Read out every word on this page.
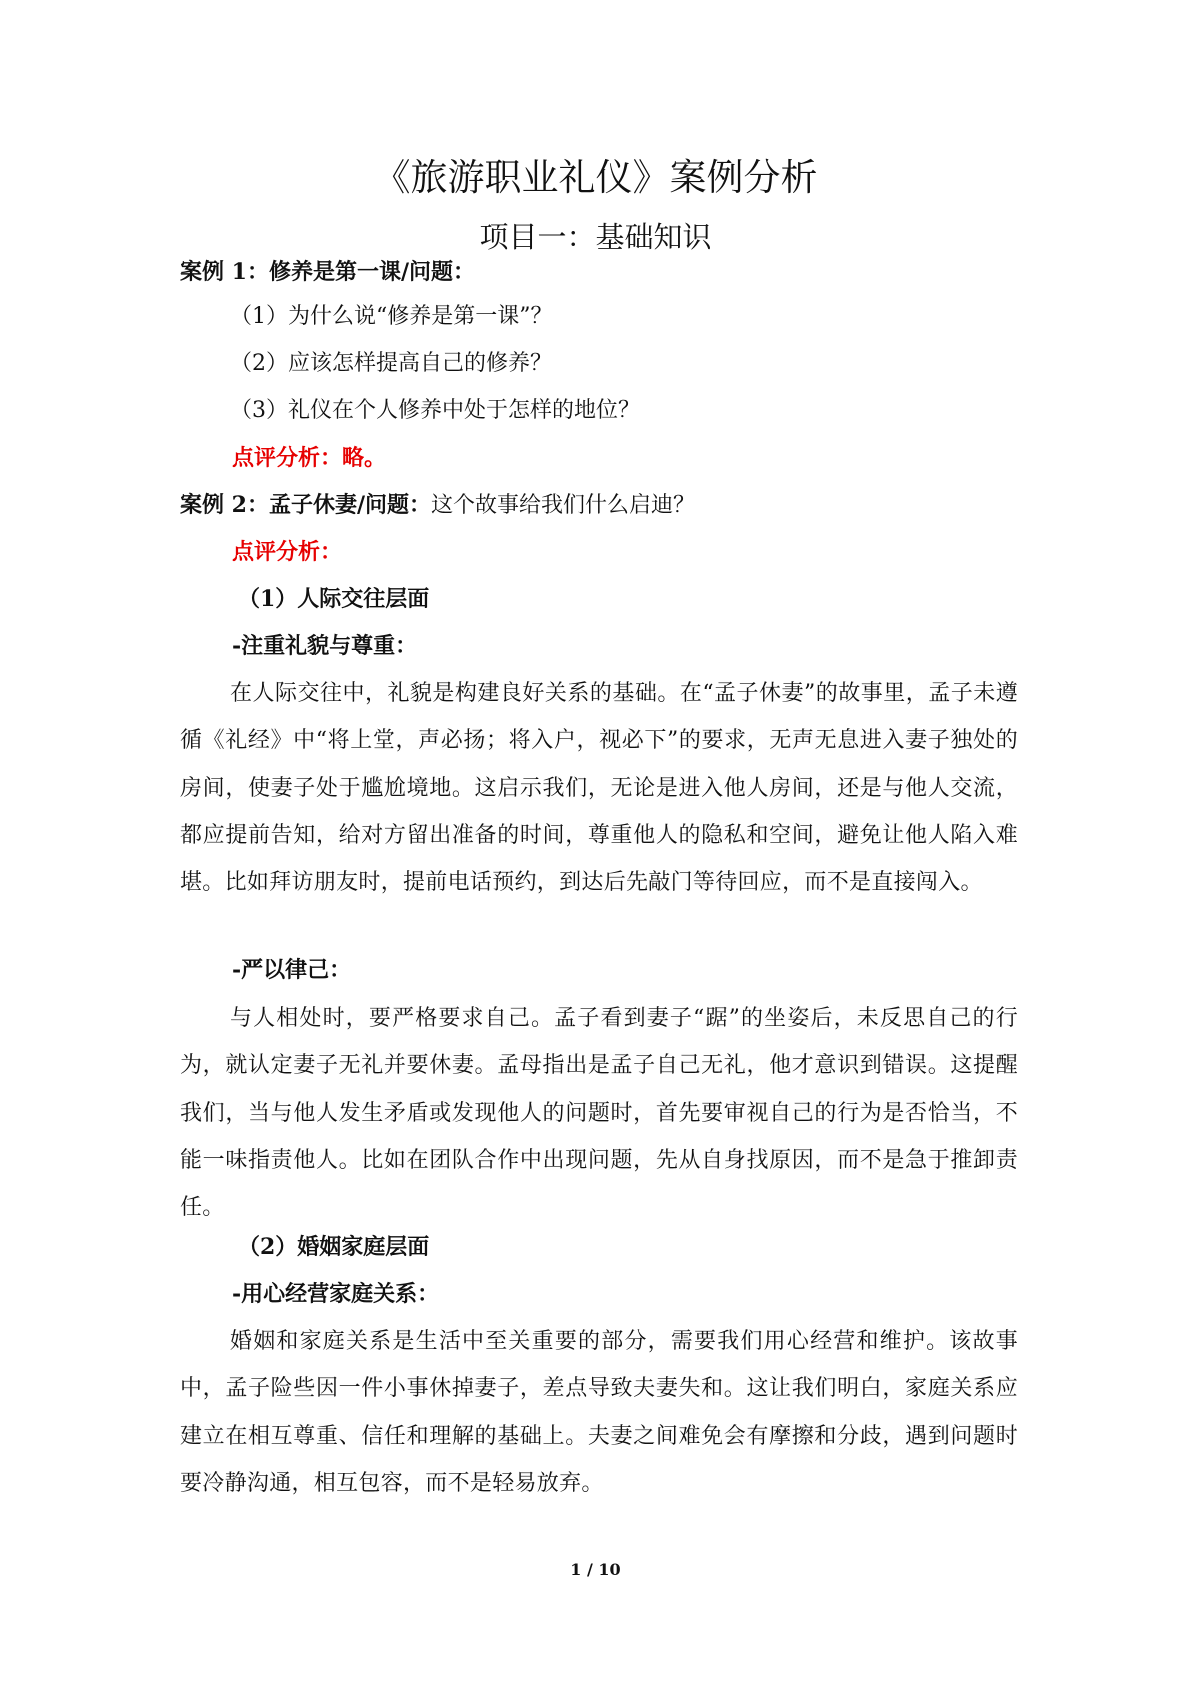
《旅游职业礼仪》案例分析
项目一：基础知识
案例 1：修养是第一课/问题：
（1）为什么说“修养是第一课”？
（2）应该怎样提高自己的修养？
（3）礼仪在个人修养中处于怎样的地位？
点评分析：略。
案例 2：孟子休妻/问题：这个故事给我们什么启迪？
点评分析：
（1）人际交往层面
-注重礼貌与尊重：
在人际交往中，礼貌是构建良好关系的基础。在“孟子休妻”的故事里，孟子未遵循《礼经》中“将上堂，声必扬；将入户，视必下”的要求，无声无息进入妻子独处的房间，使妻子处于尴尬境地。这启示我们，无论是进入他人房间，还是与他人交流，都应提前告知，给对方留出准备的时间，尊重他人的隐私和空间，避免让他人陷入难堪。比如拜访朋友时，提前电话预约，到达后先敲门等待回应，而不是直接闯入。
-严以律己：
与人相处时，要严格要求自己。孟子看到妻子“踞”的坐姿后，未反思自己的行为，就认定妻子无礼并要休妻。孟母指出是孟子自己无礼，他才意识到错误。这提醒我们，当与他人发生矛盾或发现他人的问题时，首先要审视自己的行为是否恰当，不能一味指责他人。比如在团队合作中出现问题，先从自身找原因，而不是急于推卸责任。
（2）婚姻家庭层面
-用心经营家庭关系：
婚姻和家庭关系是生活中至关重要的部分，需要我们用心经营和维护。该故事中，孟子险些因一件小事休掉妻子，差点导致夫妻失和。这让我们明白，家庭关系应建立在相互尊重、信任和理解的基础上。夫妻之间难免会有摩擦和分歧，遇到问题时要冷静沟通，相互包容，而不是轻易放弃。
1 / 10
